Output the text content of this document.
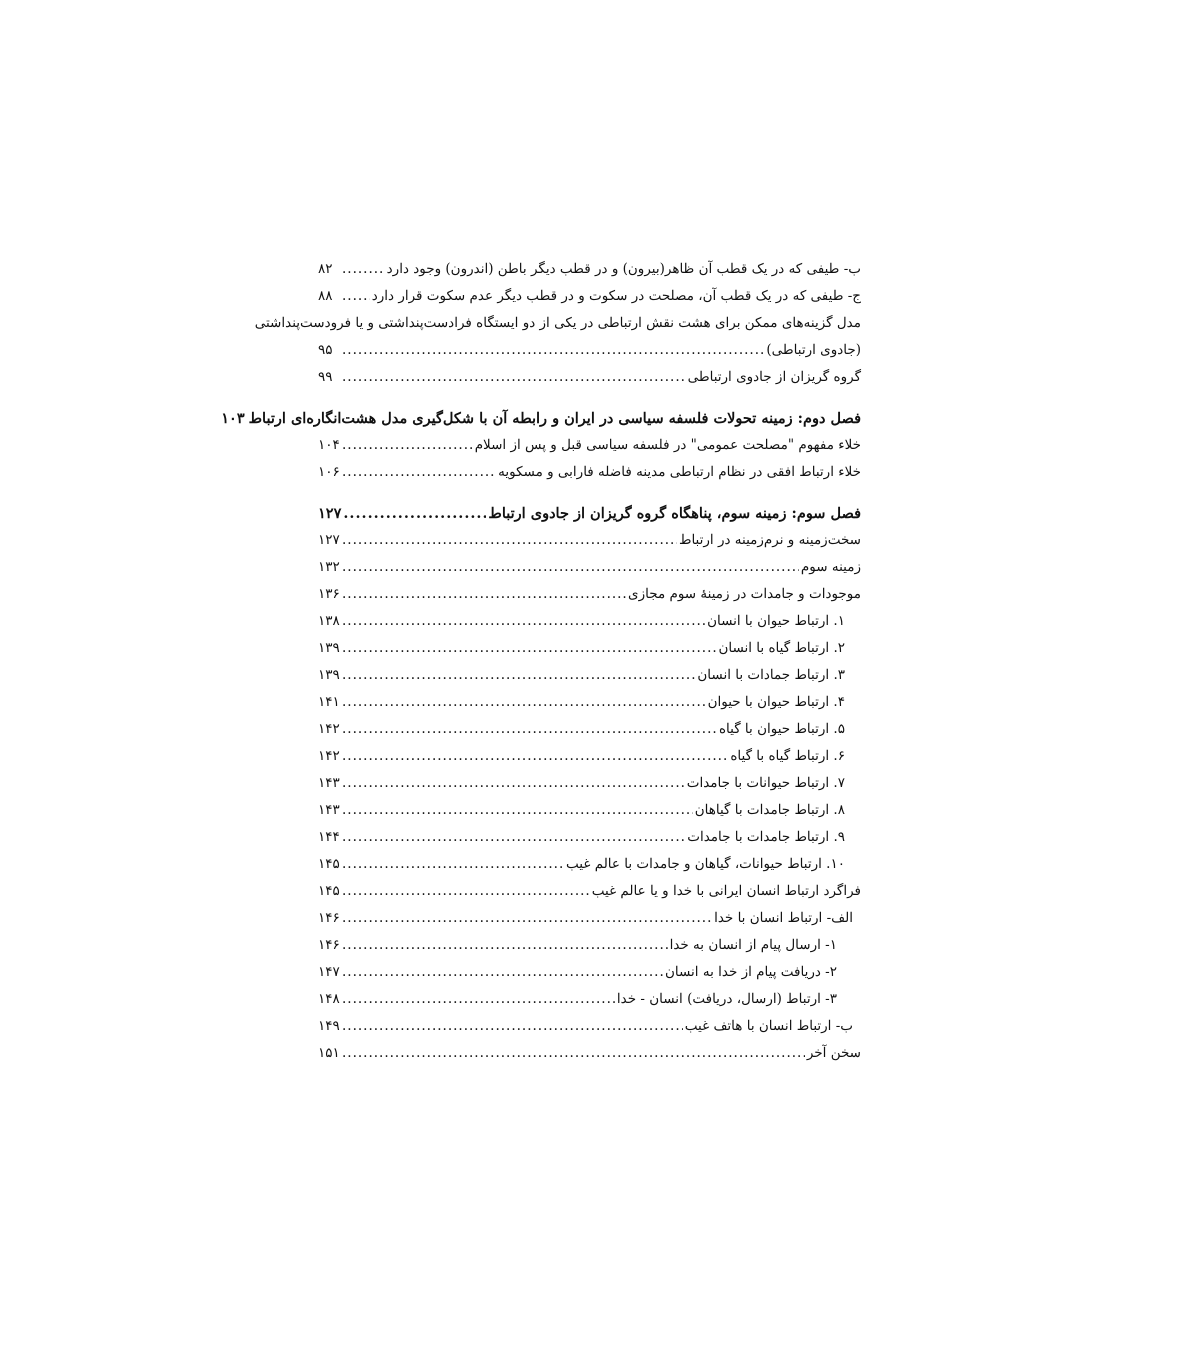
ب- طیفی که در یک قطب آن ظاهر(بیرون) و در قطب دیگر باطن (اندرون) وجود دارد
.....
۸۲
ج- طیفی که در یک قطب آن، مصلحت در سکوت و در قطب دیگر عدم سکوت قرار دارد
.....
۸۸
مدل گزینه‌های ممکن برای هشت نقش ارتباطی در یکی از دو ایستگاه فرادست‌پنداشتی و یا فرودست‌پنداشتی
(جادوی ارتباطی)
.....
۹۵
گروه گریزان از جادوی ارتباطی
.....
۹۹
فصل دوم: زمینه تحولات فلسفه سیاسی در ایران و رابطه آن با شکل‌گیری مدل هشت‌انگاره‌ای ارتباط
۱۰۳
خلاء مفهوم "مصلحت عمومی" در فلسفه سیاسی قبل و پس از اسلام
.....
۱۰۴
خلاء ارتباط افقی در نظام ارتباطی مدینه فاضله فارابی و مسکویه
.....
۱۰۶
فصل سوم: زمینه سوم، پناهگاه گروه گریزان از جادوی ارتباط
.....
۱۲۷
سخت‌زمینه و نرم‌زمینه در ارتباط
.....
۱۲۷
زمینه سوم
.....
۱۳۲
موجودات و جامدات در زمینهٔ سوم مجازی
.....
۱۳۶
۱. ارتباط حیوان با انسان
.....
۱۳۸
۲. ارتباط گیاه با انسان
.....
۱۳۹
۳. ارتباط جمادات با انسان
.....
۱۳۹
۴. ارتباط حیوان با حیوان
.....
۱۴۱
۵. ارتباط حیوان با گیاه
.....
۱۴۲
۶. ارتباط گیاه با گیاه
.....
۱۴۲
۷. ارتباط حیوانات با جامدات
.....
۱۴۳
۸. ارتباط جامدات با گیاهان
.....
۱۴۳
۹. ارتباط جامدات با جامدات
.....
۱۴۴
۱۰. ارتباط حیوانات، گیاهان و جامدات با عالم غیب
.....
۱۴۵
فراگرد ارتباط انسان ایرانی با خدا و یا عالم غیب
.....
۱۴۵
الف- ارتباط انسان با خدا
.....
۱۴۶
۱- ارسال پیام از انسان به خدا
.....
۱۴۶
۲- دریافت پیام از خدا به انسان
.....
۱۴۷
۳- ارتباط (ارسال، دریافت) انسان - خدا
.....
۱۴۸
ب- ارتباط انسان با هاتف غیب
.....
۱۴۹
سخن آخر
.....
۱۵۱
